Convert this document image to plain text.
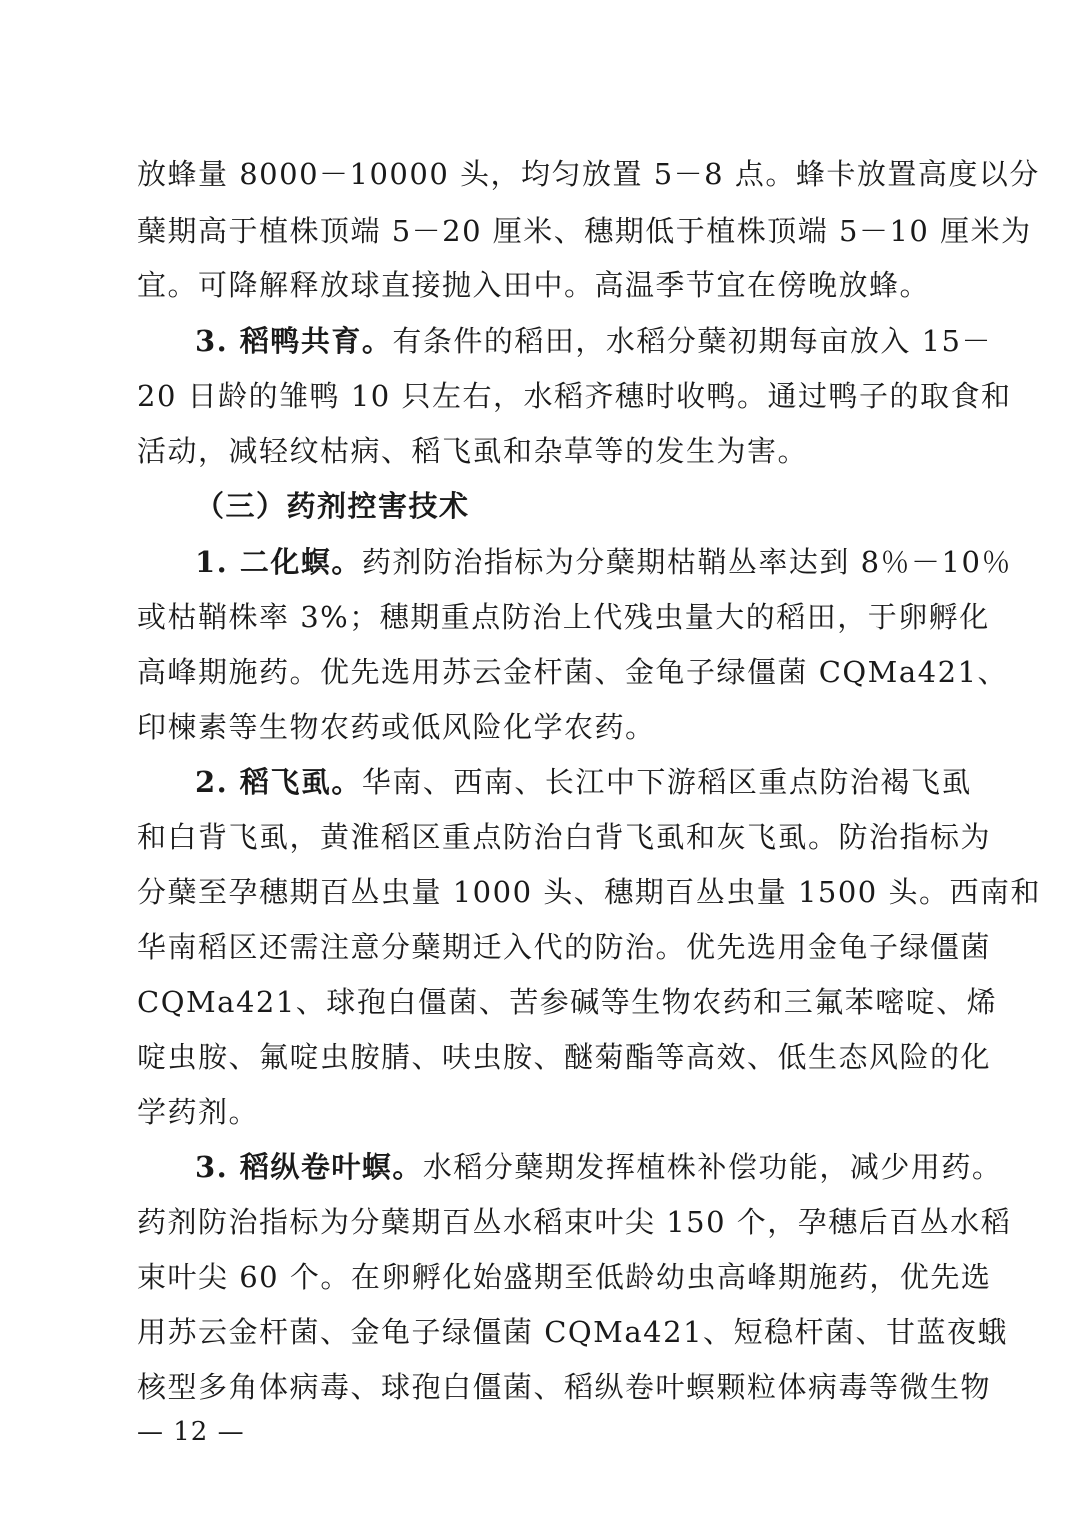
放蜂量 8000－10000 头，均匀放置 5－8 点。蜂卡放置高度以分
蘖期高于植株顶端 5－20 厘米、穗期低于植株顶端 5－10 厘米为
宜。可降解释放球直接抛入田中。高温季节宜在傍晚放蜂。
3. 稻鸭共育。有条件的稻田，水稻分蘖初期每亩放入 15－
20 日龄的雏鸭 10 只左右，水稻齐穗时收鸭。通过鸭子的取食和
活动，减轻纹枯病、稻飞虱和杂草等的发生为害。
（三）药剂控害技术
1. 二化螟。药剂防治指标为分蘖期枯鞘丛率达到 8％－10％
或枯鞘株率 3%；穗期重点防治上代残虫量大的稻田，于卵孵化
高峰期施药。优先选用苏云金杆菌、金龟子绿僵菌 CQMa421、
印楝素等生物农药或低风险化学农药。
2. 稻飞虱。华南、西南、长江中下游稻区重点防治褐飞虱
和白背飞虱，黄淮稻区重点防治白背飞虱和灰飞虱。防治指标为
分蘖至孕穗期百丛虫量 1000 头、穗期百丛虫量 1500 头。西南和
华南稻区还需注意分蘖期迁入代的防治。优先选用金龟子绿僵菌
CQMa421、球孢白僵菌、苦参碱等生物农药和三氟苯嘧啶、烯
啶虫胺、氟啶虫胺腈、呋虫胺、醚菊酯等高效、低生态风险的化
学药剂。
3. 稻纵卷叶螟。水稻分蘖期发挥植株补偿功能，减少用药。
药剂防治指标为分蘖期百丛水稻束叶尖 150 个，孕穗后百丛水稻
束叶尖 60 个。在卵孵化始盛期至低龄幼虫高峰期施药，优先选
用苏云金杆菌、金龟子绿僵菌 CQMa421、短稳杆菌、甘蓝夜蛾
核型多角体病毒、球孢白僵菌、稻纵卷叶螟颗粒体病毒等微生物
— 12 —
